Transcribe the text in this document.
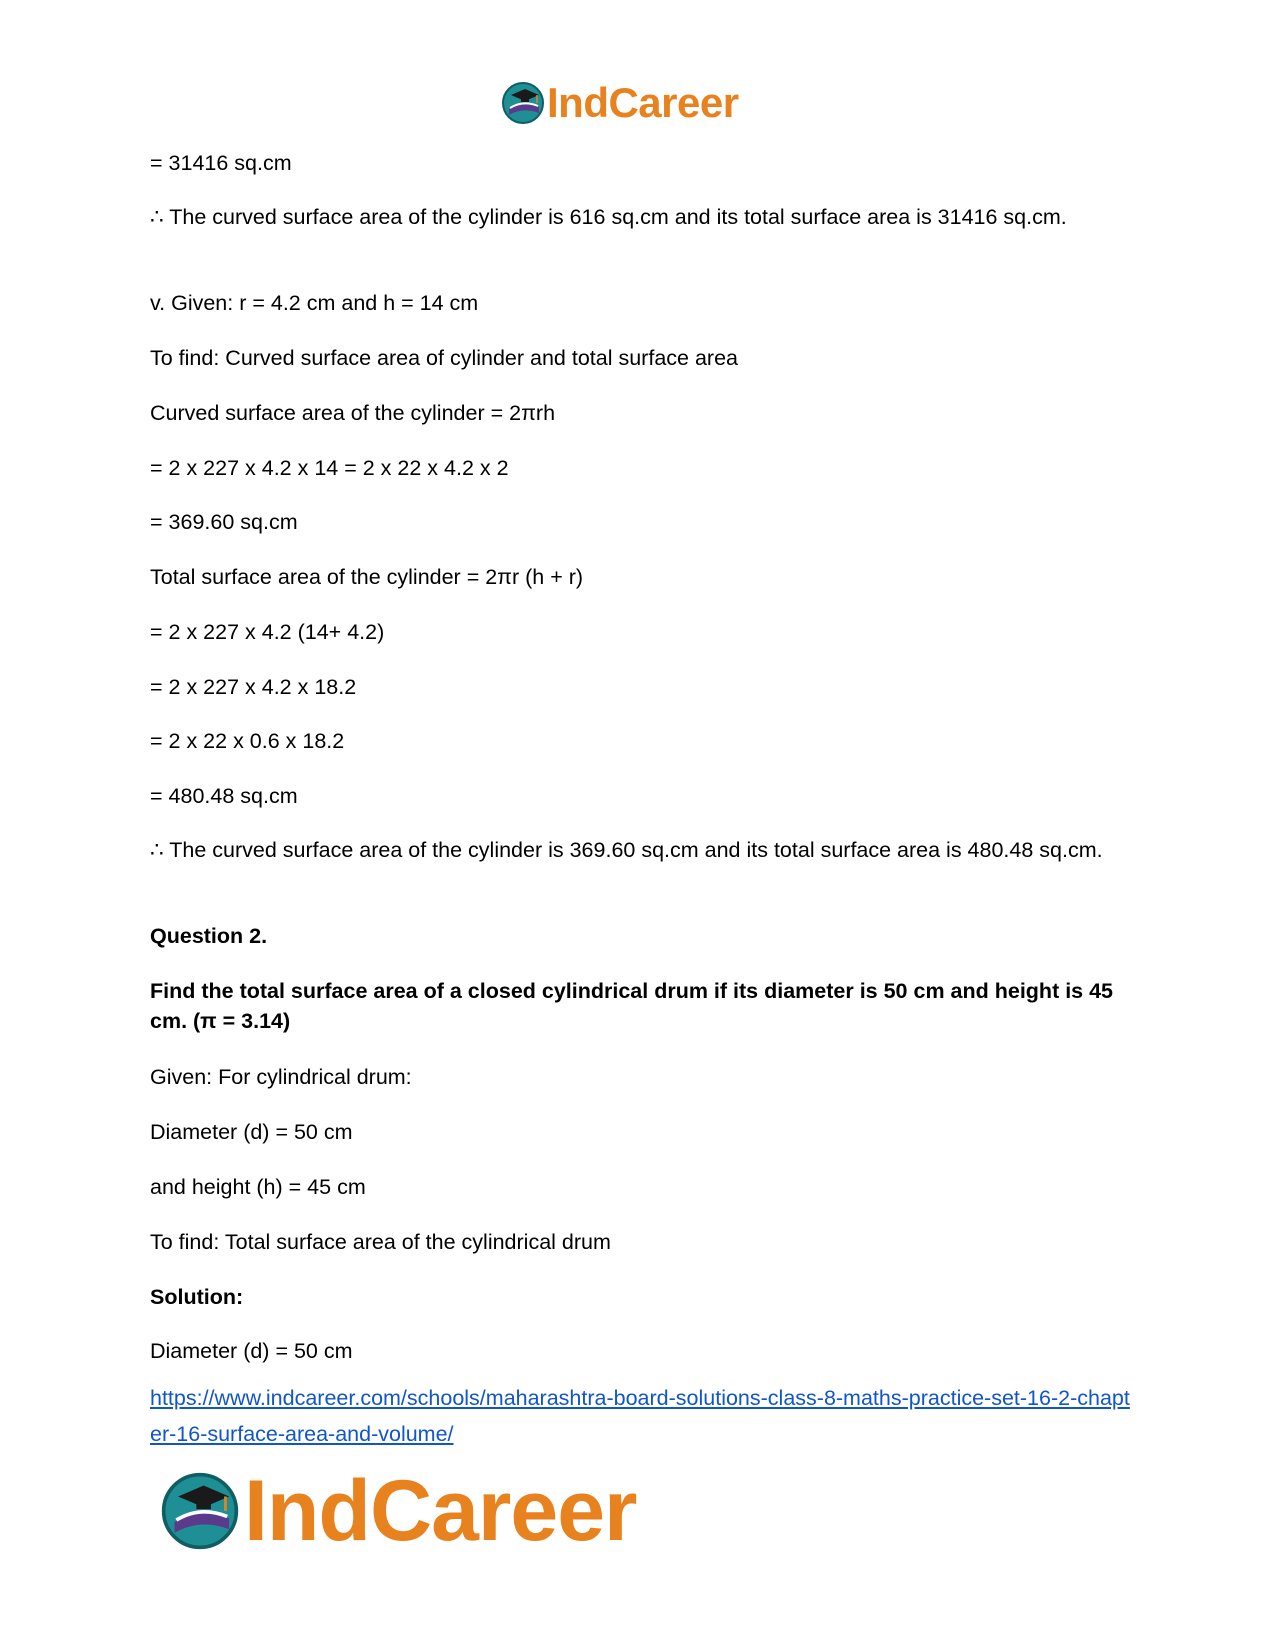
IndCareer

= 31416 sq.cm

∴ The curved surface area of the cylinder is 616 sq.cm and its total surface area is 31416 sq.cm.

v. Given: r = 4.2 cm and h = 14 cm

To find: Curved surface area of cylinder and total surface area

Curved surface area of the cylinder = 2πrh

= 2 x 227 x 4.2 x 14 = 2 x 22 x 4.2 x 2

= 369.60 sq.cm

Total surface area of the cylinder = 2πr (h + r)

= 2 x 227 x 4.2 (14+ 4.2)

= 2 x 227 x 4.2 x 18.2

= 2 x 22 x 0.6 x 18.2

= 480.48 sq.cm

∴ The curved surface area of the cylinder is 369.60 sq.cm and its total surface area is 480.48 sq.cm.

Question 2.

Find the total surface area of a closed cylindrical drum if its diameter is 50 cm and height is 45 cm. (π = 3.14)

Given: For cylindrical drum:

Diameter (d) = 50 cm

and height (h) = 45 cm

To find: Total surface area of the cylindrical drum

Solution:

Diameter (d) = 50 cm

https://www.indcareer.com/schools/maharashtra-board-solutions-class-8-maths-practice-set-16-2-chapter-16-surface-area-and-volume/
IndCareer
